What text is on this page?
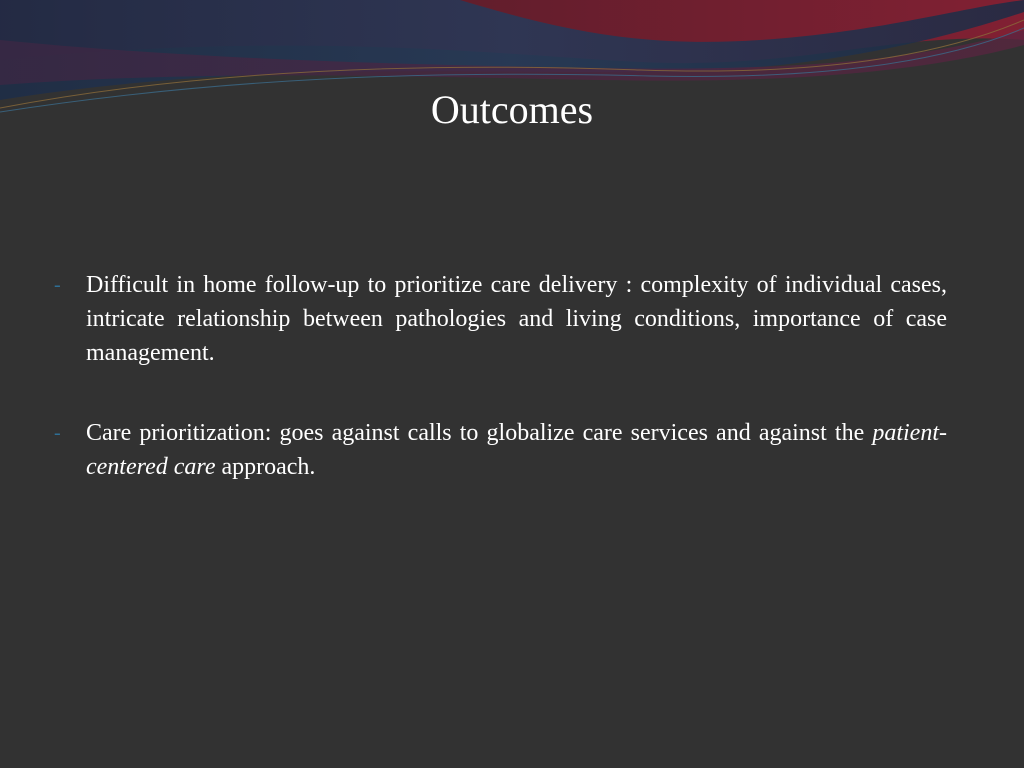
Outcomes

- Difficult in home follow-up to prioritize care delivery : complexity of individual cases, intricate relationship between pathologies and living conditions, importance of case management.

- Care prioritization: goes against calls to globalize care services and against the patient-centered care approach.
